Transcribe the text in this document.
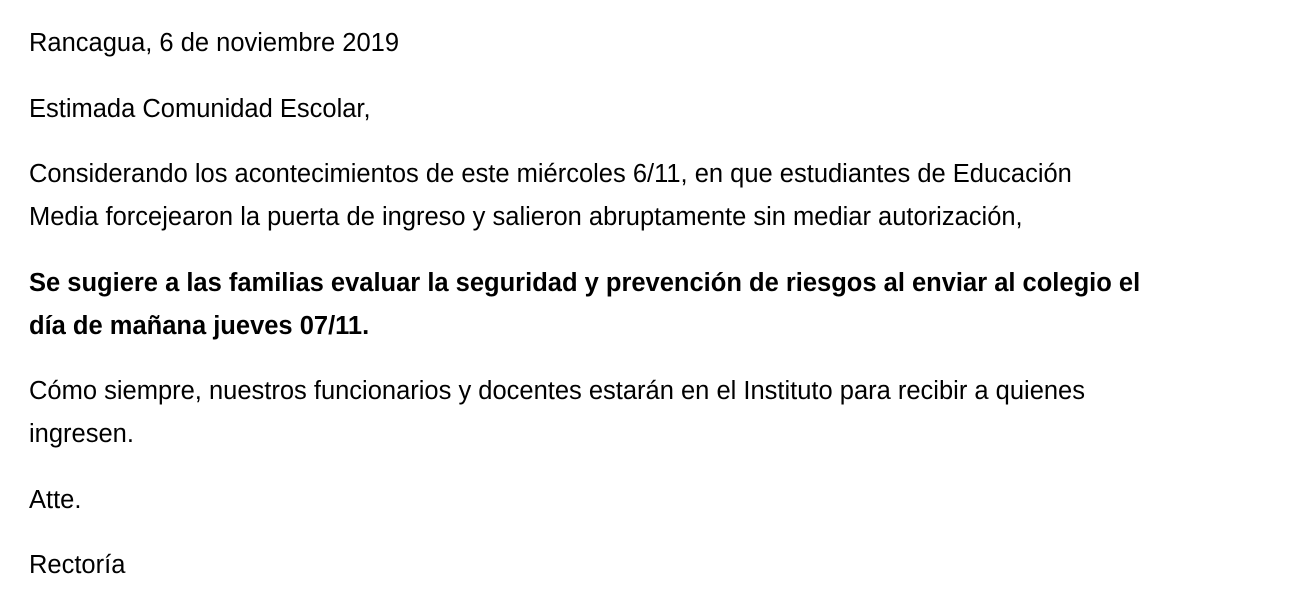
Rancagua, 6 de noviembre 2019

Estimada Comunidad Escolar,

Considerando los acontecimientos de este miércoles 6/11, en que estudiantes de Educación
Media forcejearon la puerta de ingreso y salieron abruptamente sin mediar autorización,
Se sugiere a las familias evaluar la seguridad y prevención de riesgos al enviar al colegio el
día de mañana jueves 07/11.
Cómo siempre, nuestros funcionarios y docentes estarán en el Instituto para recibir a quienes
ingresen.

Atte.

Rectoría
